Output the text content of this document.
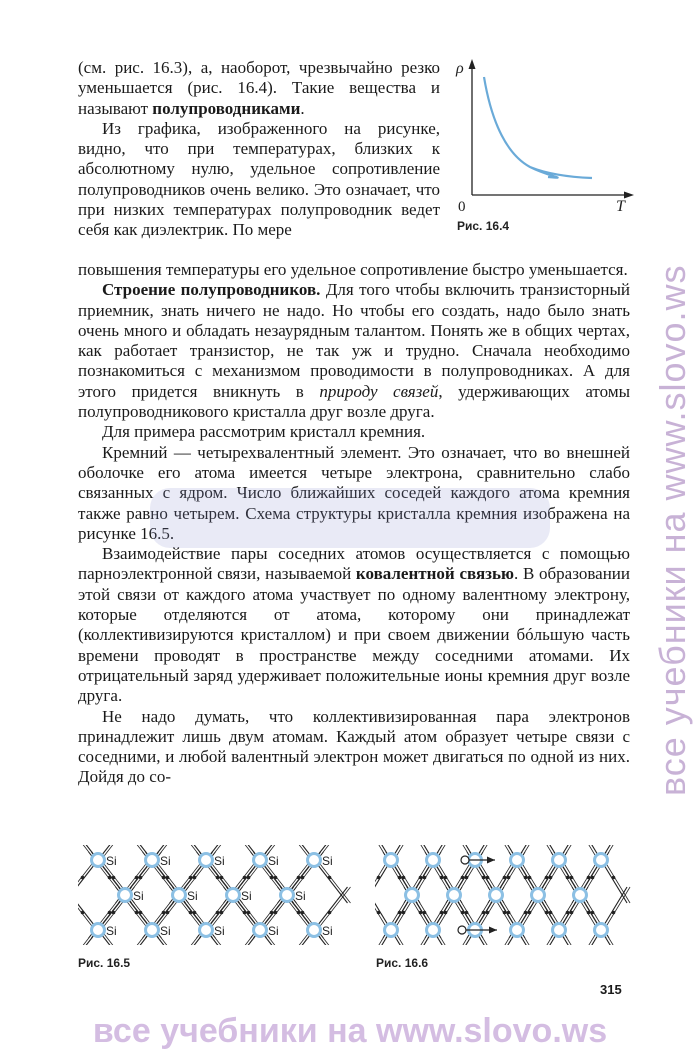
ρ
T
0
Рис. 16.4

(см. рис. 16.3), а, наоборот, чрезвычайно резко уменьшается (рис. 16.4). Такие вещества и называют полупроводниками.

Из графика, изображенного на рисунке, видно, что при температурах, близких к абсолютному нулю, удельное сопротивление полупроводников очень велико. Это означает, что при низких температурах полупроводник ведет себя как диэлектрик. По мере

повышения температуры его удельное сопротивление быстро уменьшается.

Строение полупроводников. Для того чтобы включить транзисторный приемник, знать ничего не надо. Но чтобы его создать, надо было знать очень много и обладать незаурядным талантом. Понять же в общих чертах, как работает транзистор, не так уж и трудно. Сначала необходимо познакомиться с механизмом проводимости в полупроводниках. А для этого придется вникнуть в природу связей, удерживающих атомы полупроводникового кристалла друг возле друга.

Для примера рассмотрим кристалл кремния.

Кремний — четырехвалентный элемент. Это означает, что во внешней оболочке его атома имеется четыре электрона, сравнительно слабо связанных с ядром. Число ближайших соседей каждого атома кремния также равно четырем. Схема структуры кристалла кремния изображена на рисунке 16.5.

Взаимодействие пары соседних атомов осуществляется с помощью парноэлектронной связи, называемой ковалентной связью. В образовании этой связи от каждого атома участвует по одному валентному электрону, которые отделяются от атома, которому они принадлежат (коллективизируются кристаллом) и при своем движении бóльшую часть времени проводят в пространстве между соседними атомами. Их отрицательный заряд удерживает положительные ионы кремния друг возле друга.

Не надо думать, что коллективизированная пара электронов принадлежит лишь двум атомам. Каждый атом образует четыре связи с соседними, и любой валентный электрон может двигаться по одной из них. Дойдя до со-

Si	Si	Si	Si	Si
Si	Si	Si	Si
Si	Si	Si	Si	Si
Рис. 16.5	Рис. 16.6
315
все учебники на www.slovo.ws
все учебники на www.slovo.ws
